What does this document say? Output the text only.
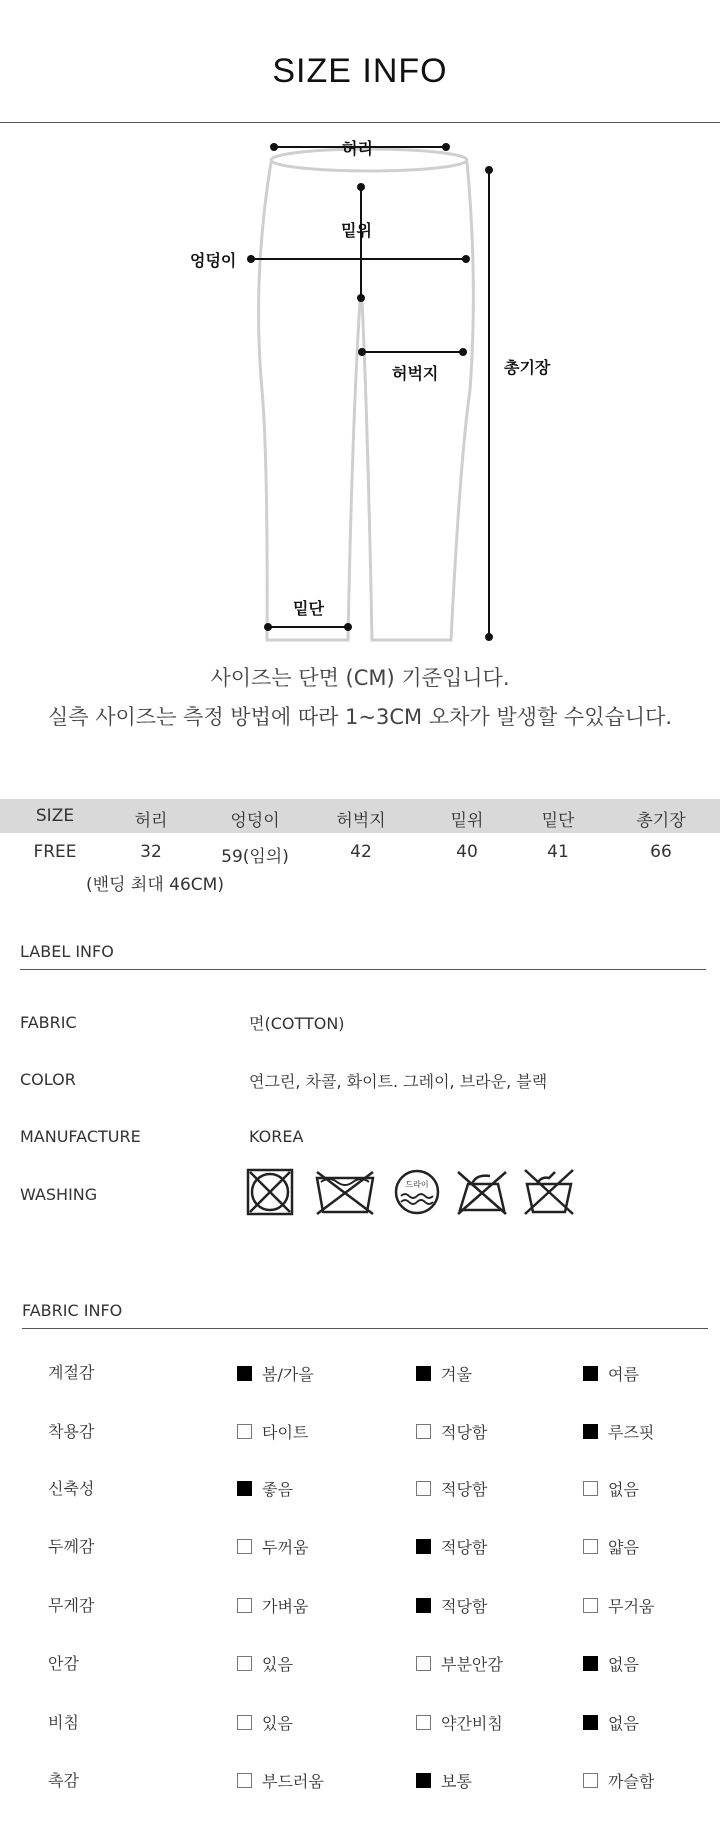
SIZE INFO
허리
엉덩이
밑위
허벅지
밑단
총기장
사이즈는 단면 (CM) 기준입니다.
실측 사이즈는 측정 방법에 따라 1~3CM 오차가 발생할 수있습니다.
SIZE	허리	엉덩이	허벅지	밑위	밑단	총기장
FREE	32	59(임의)	42	40	41	66
(밴딩 최대 46CM)
LABEL INFO
FABRIC	면(COTTON)
COLOR	연그린, 차콜, 화이트. 그레이, 브라운, 블랙
MANUFACTURE	KOREA
WASHING
드라이
FABRIC INFO
계절감	봄/가을	겨울	여름
착용감	타이트	적당함	루즈핏
신축성	좋음	적당함	없음
두께감	두꺼움	적당함	얇음
무게감	가벼움	적당함	무거움
안감	있음	부분안감	없음
비침	있음	약간비침	없음
촉감	부드러움	보통	까슬함
